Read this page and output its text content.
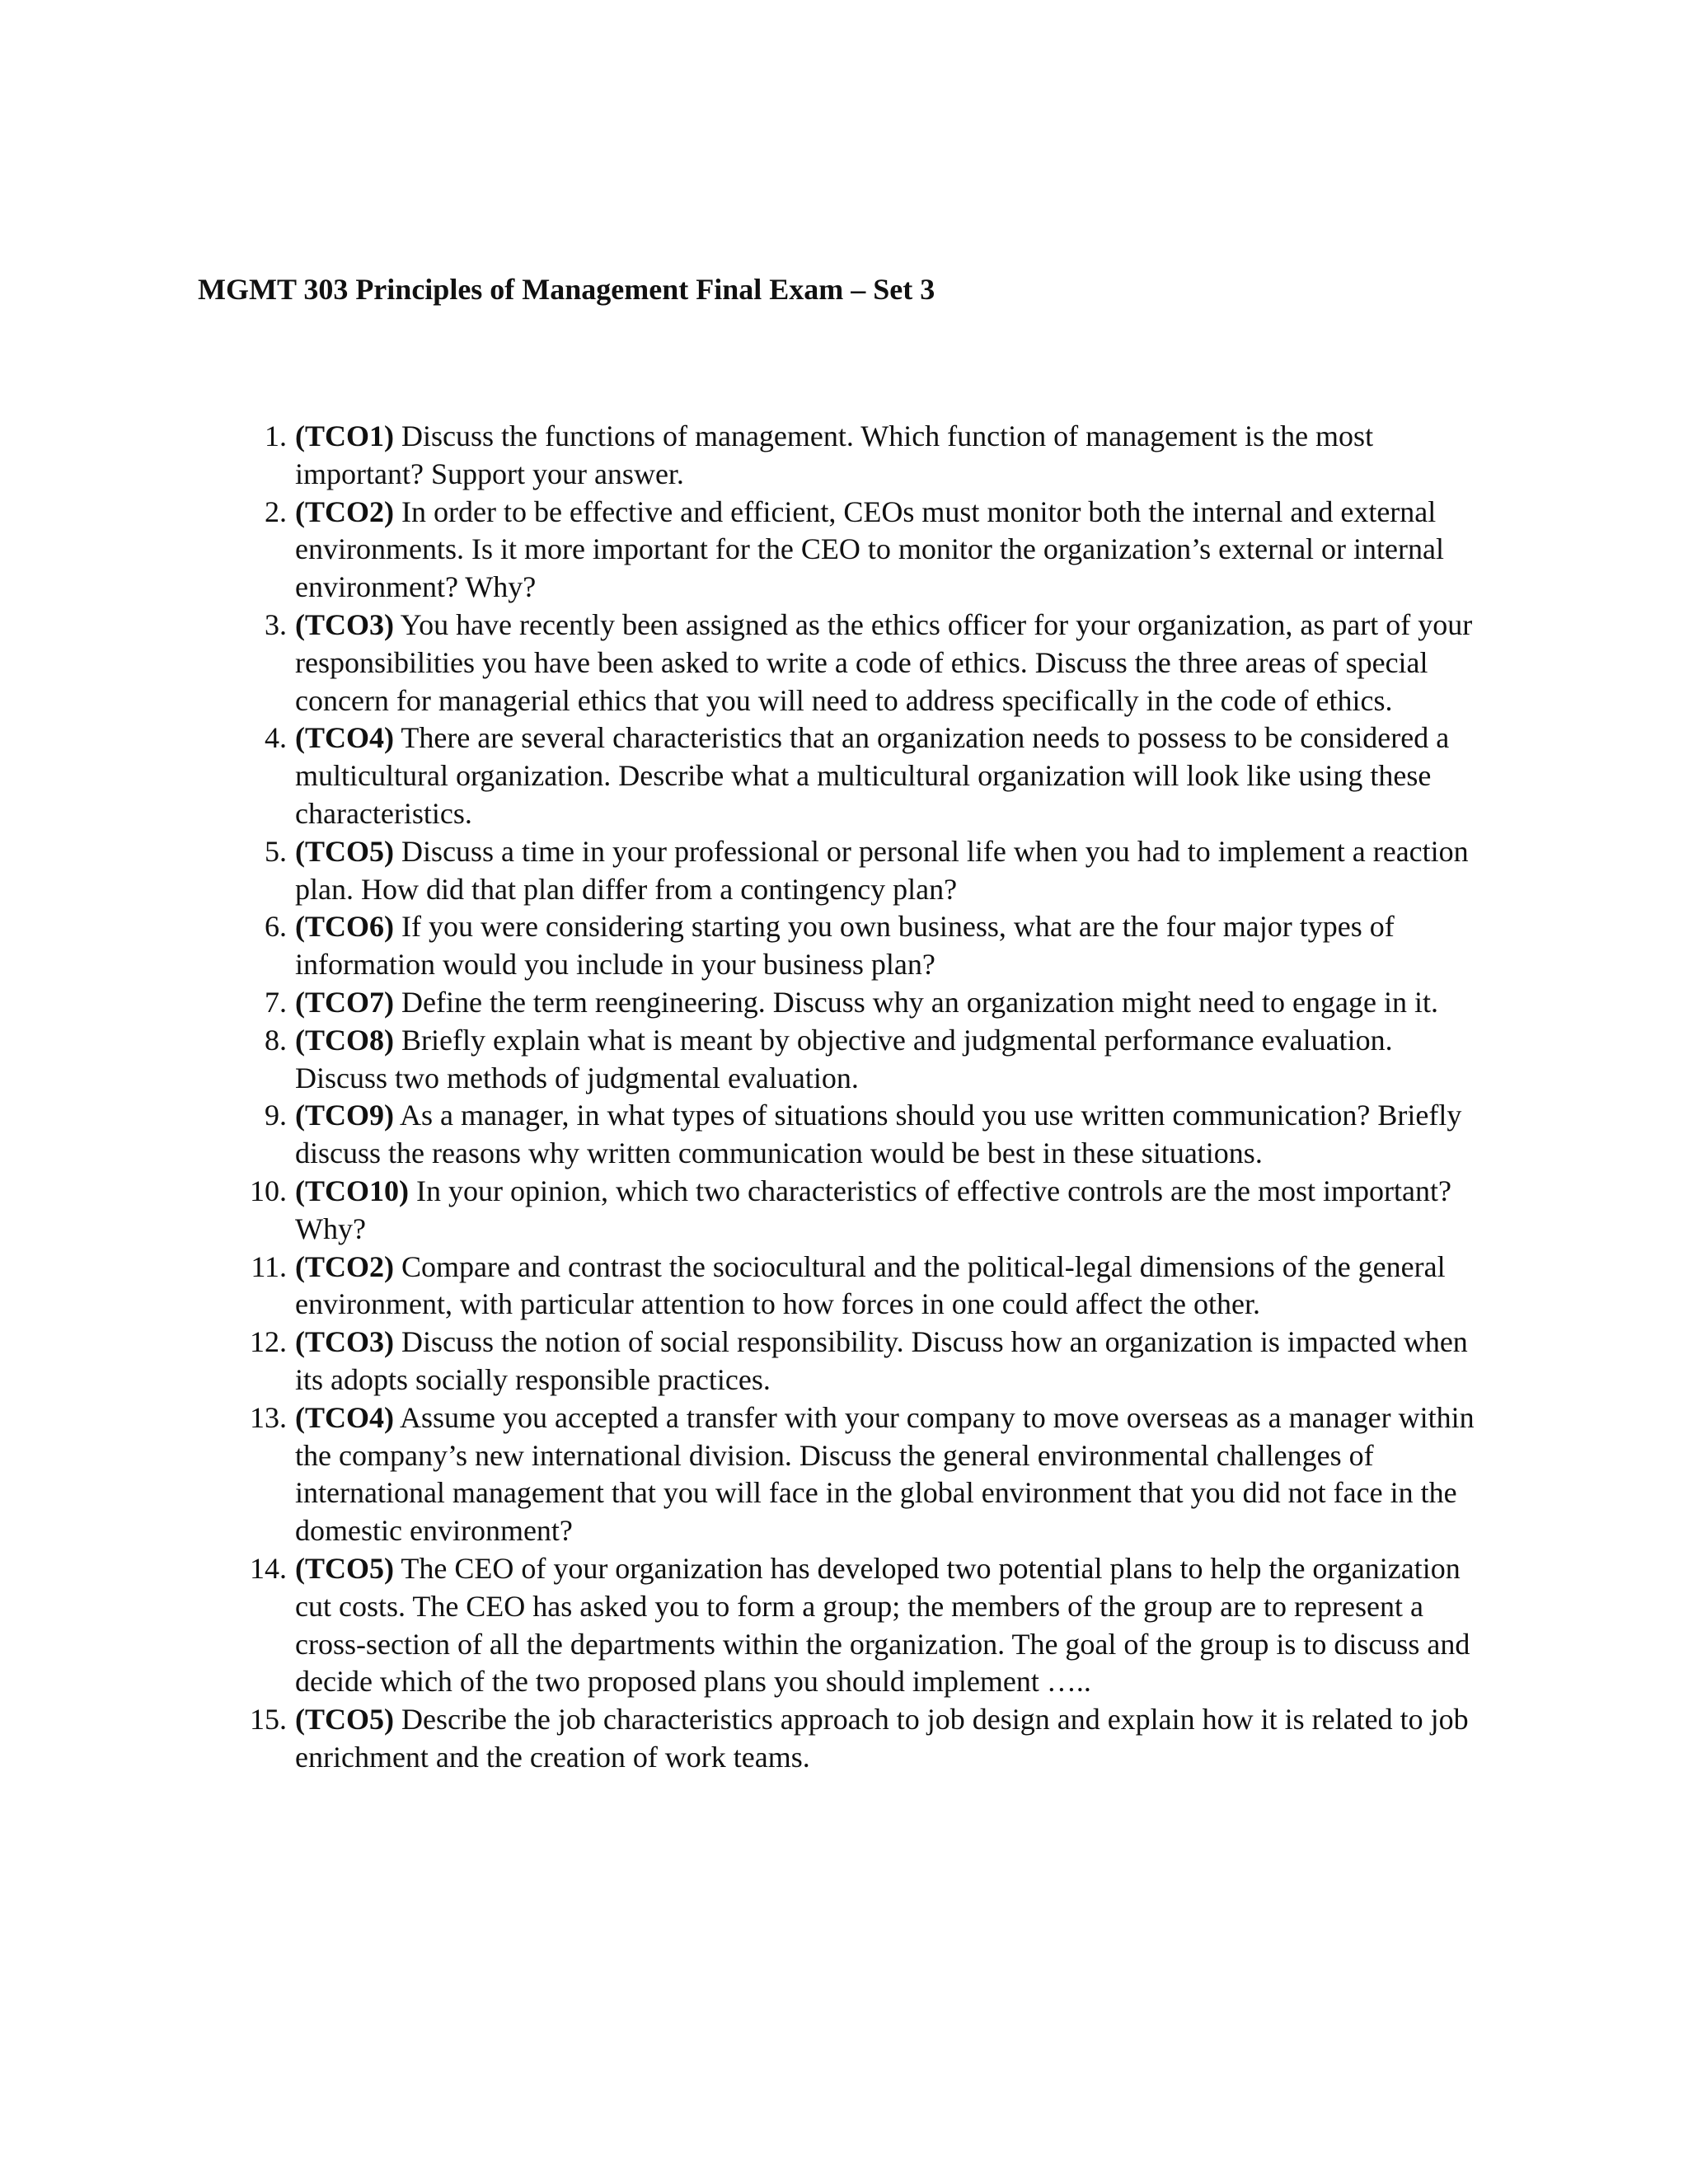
MGMT 303 Principles of Management Final Exam – Set 3
1. (TCO1) Discuss the functions of management. Which function of management is the most important? Support your answer.
2. (TCO2) In order to be effective and efficient, CEOs must monitor both the internal and external environments. Is it more important for the CEO to monitor the organization’s external or internal environment? Why?
3. (TCO3) You have recently been assigned as the ethics officer for your organization, as part of your responsibilities you have been asked to write a code of ethics. Discuss the three areas of special concern for managerial ethics that you will need to address specifically in the code of ethics.
4. (TCO4) There are several characteristics that an organization needs to possess to be considered a multicultural organization. Describe what a multicultural organization will look like using these characteristics.
5. (TCO5) Discuss a time in your professional or personal life when you had to implement a reaction plan. How did that plan differ from a contingency plan?
6. (TCO6) If you were considering starting you own business, what are the four major types of information would you include in your business plan?
7. (TCO7) Define the term reengineering. Discuss why an organization might need to engage in it.
8. (TCO8) Briefly explain what is meant by objective and judgmental performance evaluation. Discuss two methods of judgmental evaluation.
9. (TCO9) As a manager, in what types of situations should you use written communication? Briefly discuss the reasons why written communication would be best in these situations.
10. (TCO10) In your opinion, which two characteristics of effective controls are the most important? Why?
11. (TCO2) Compare and contrast the sociocultural and the political-legal dimensions of the general environment, with particular attention to how forces in one could affect the other.
12. (TCO3) Discuss the notion of social responsibility. Discuss how an organization is impacted when its adopts socially responsible practices.
13. (TCO4) Assume you accepted a transfer with your company to move overseas as a manager within the company’s new international division. Discuss the general environmental challenges of international management that you will face in the global environment that you did not face in the domestic environment?
14. (TCO5) The CEO of your organization has developed two potential plans to help the organization cut costs. The CEO has asked you to form a group; the members of the group are to represent a cross-section of all the departments within the organization. The goal of the group is to discuss and decide which of the two proposed plans you should implement …..
15. (TCO5) Describe the job characteristics approach to job design and explain how it is related to job enrichment and the creation of work teams.
